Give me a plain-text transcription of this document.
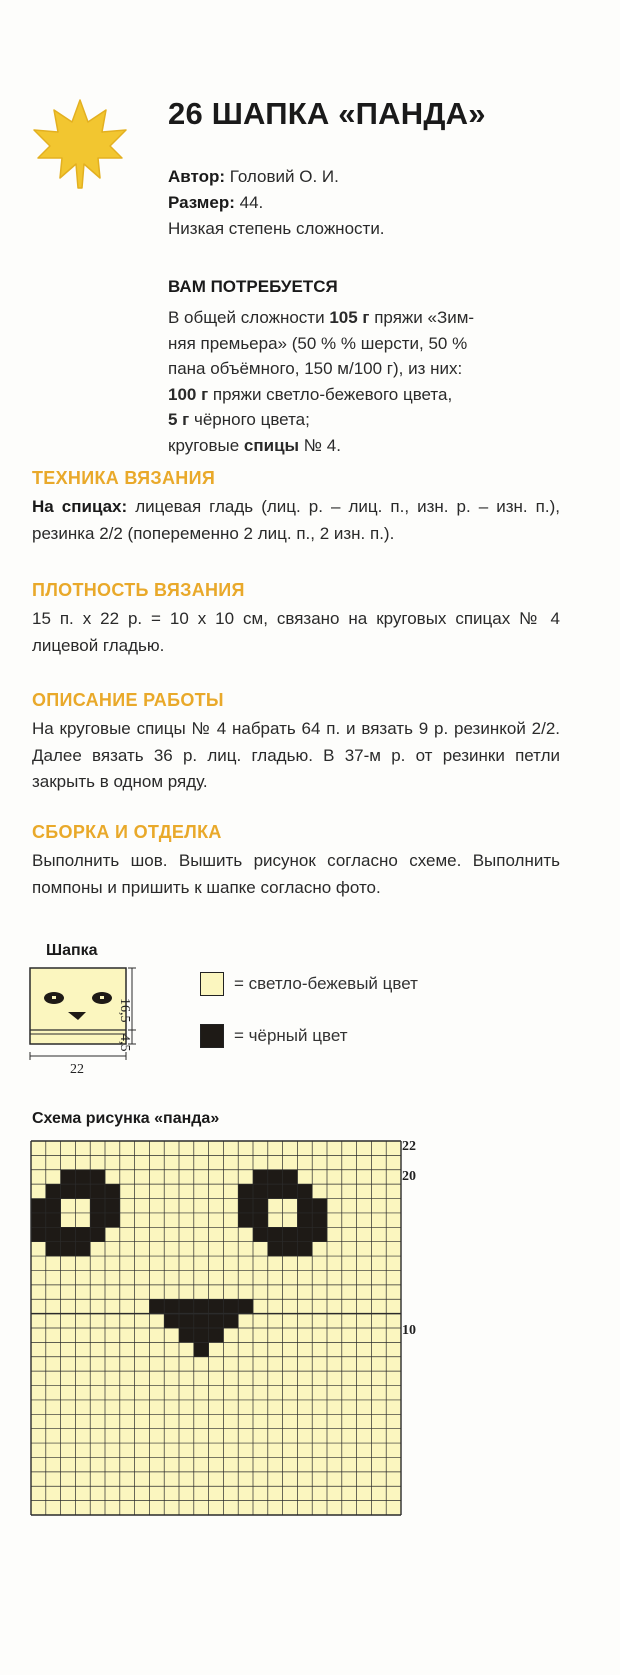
26 ШАПКА «ПАНДА»
Автор: Головий О. И.
Размер: 44.
Низкая степень сложности.
ВАМ ПОТРЕБУЕТСЯ
В общей сложности 105 г пряжи «Зим-
няя премьера» (50 % % шерсти, 50 %
пана объёмного, 150 м/100 г), из них:
100 г пряжи светло-бежевого цвета,
5 г чёрного цвета;
круговые спицы № 4.
ТЕХНИКА ВЯЗАНИЯ
На спицах: лицевая гладь (лиц. р. – лиц. п., изн. р. – изн. п.), резинка 2/2 (попеременно 2 лиц. п., 2 изн. п.).
ПЛОТНОСТЬ ВЯЗАНИЯ
15 п. х 22 р. = 10 х 10 см, связано на круговых спицах № 4 лицевой гладью.
ОПИСАНИЕ РАБОТЫ
На круговые спицы № 4 набрать 64 п. и вязать 9 р. резинкой 2/2. Далее вязать 36 р. лиц. гладью. В 37-м р. от резинки петли закрыть в одном ряду.
СБОРКА И ОТДЕЛКА
Выполнить шов. Вышить рисунок согласно схеме. Выполнить помпоны и пришить к шапке согласно фото.
Шапка
16,5
4,5
22
= светло-бежевый цвет
= чёрный цвет
Схема рисунка «панда»
22
20
10
